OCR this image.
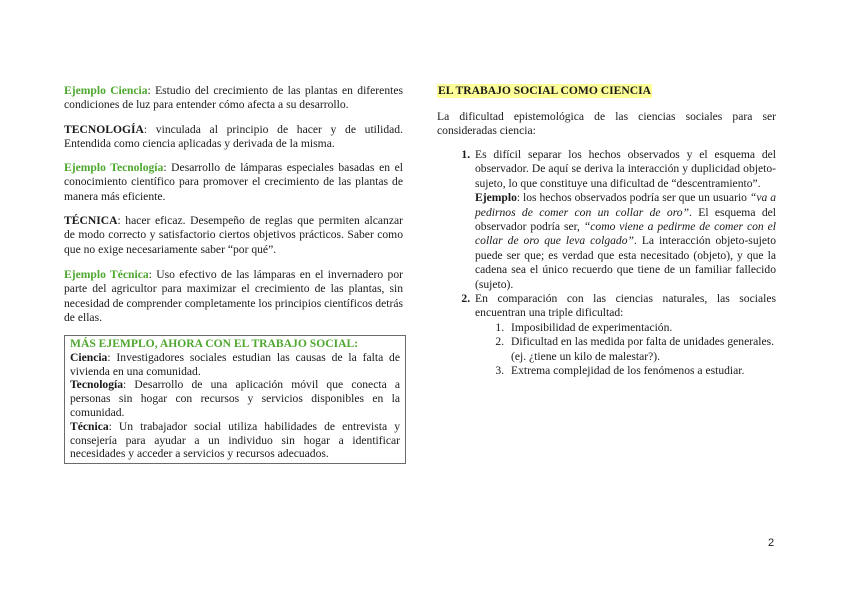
Ejemplo Ciencia: Estudio del crecimiento de las plantas en diferentes condiciones de luz para entender cómo afecta a su desarrollo.

TECNOLOGÍA: vinculada al principio de hacer y de utilidad. Entendida como ciencia aplicadas y derivada de la misma.

Ejemplo Tecnología: Desarrollo de lámparas especiales basadas en el conocimiento científico para promover el crecimiento de las plantas de manera más eficiente.

TÉCNICA: hacer eficaz. Desempeño de reglas que permiten alcanzar de modo correcto y satisfactorio ciertos objetivos prácticos. Saber como que no exige necesariamente saber “por qué”.

Ejemplo Técnica: Uso efectivo de las lámparas en el invernadero por parte del agricultor para maximizar el crecimiento de las plantas, sin necesidad de comprender completamente los principios científicos detrás de ellas.

MÁS EJEMPLO, AHORA CON EL TRABAJO SOCIAL:

Ciencia: Investigadores sociales estudian las causas de la falta de vivienda en una comunidad.

Tecnología: Desarrollo de una aplicación móvil que conecta a personas sin hogar con recursos y servicios disponibles en la comunidad.

Técnica: Un trabajador social utiliza habilidades de entrevista y consejería para ayudar a un individuo sin hogar a identificar necesidades y acceder a servicios y recursos adecuados.

EL TRABAJO SOCIAL COMO CIENCIA

La dificultad epistemológica de las ciencias sociales para ser consideradas ciencia:

1. Es difícil separar los hechos observados y el esquema del observador. De aquí se deriva la interacción y duplicidad objeto-sujeto, lo que constituye una dificultad de “descentramiento”.
Ejemplo: los hechos observados podría ser que un usuario “va a pedirnos de comer con un collar de oro”. El esquema del observador podría ser, “como viene a pedirme de comer con el collar de oro que leva colgado”. La interacción objeto-sujeto puede ser que; es verdad que esta necesitado (objeto), y que la cadena sea el único recuerdo que tiene de un familiar fallecido (sujeto).
2. En comparación con las ciencias naturales, las sociales encuentran una triple dificultad:
1. Imposibilidad de experimentación.
2. Dificultad en las medida por falta de unidades generales. (ej. ¿tiene un kilo de malestar?).
3. Extrema complejidad de los fenómenos a estudiar.
2
